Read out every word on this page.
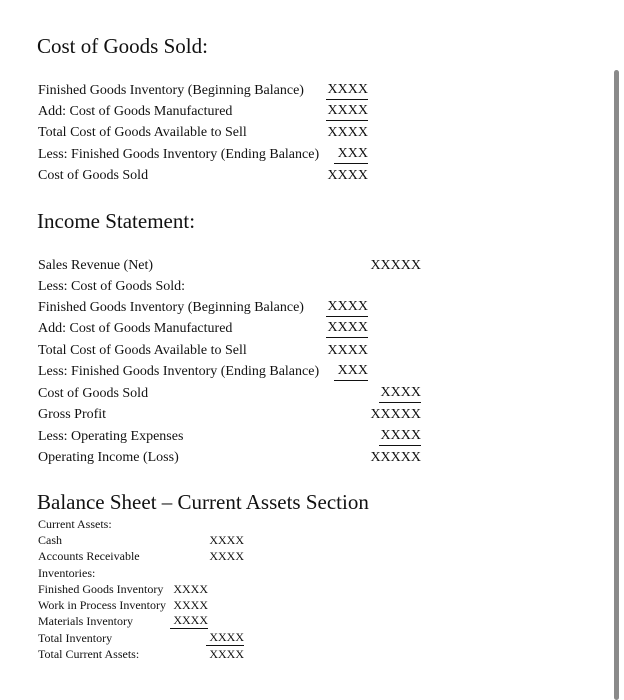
Cost of Goods Sold:
Finished Goods Inventory (Beginning Balance) XXXX
Add: Cost of Goods Manufactured	XXXX
Total Cost of Goods Available to Sell	XXXX
Less: Finished Goods Inventory (Ending Balance) XXX
Cost of Goods Sold	XXXX
Income Statement:
Sales Revenue (Net)	XXXXX
Less: Cost of Goods Sold:
Finished Goods Inventory (Beginning Balance) XXXX
Add: Cost of Goods Manufactured	XXXX
Total Cost of Goods Available to Sell	XXXX
Less: Finished Goods Inventory (Ending Balance) XXX
Cost of Goods Sold	XXXX
Gross Profit	XXXXX
Less: Operating Expenses	XXXX
Operating Income (Loss)	XXXXX
Balance Sheet – Current Assets Section
Current Assets:
Cash	XXXX
Accounts Receivable	XXXX
Inventories:
Finished Goods Inventory XXXX
Work in Process Inventory XXXX
Materials Inventory	XXXX
Total Inventory	XXXX
Total Current Assets:	XXXX
